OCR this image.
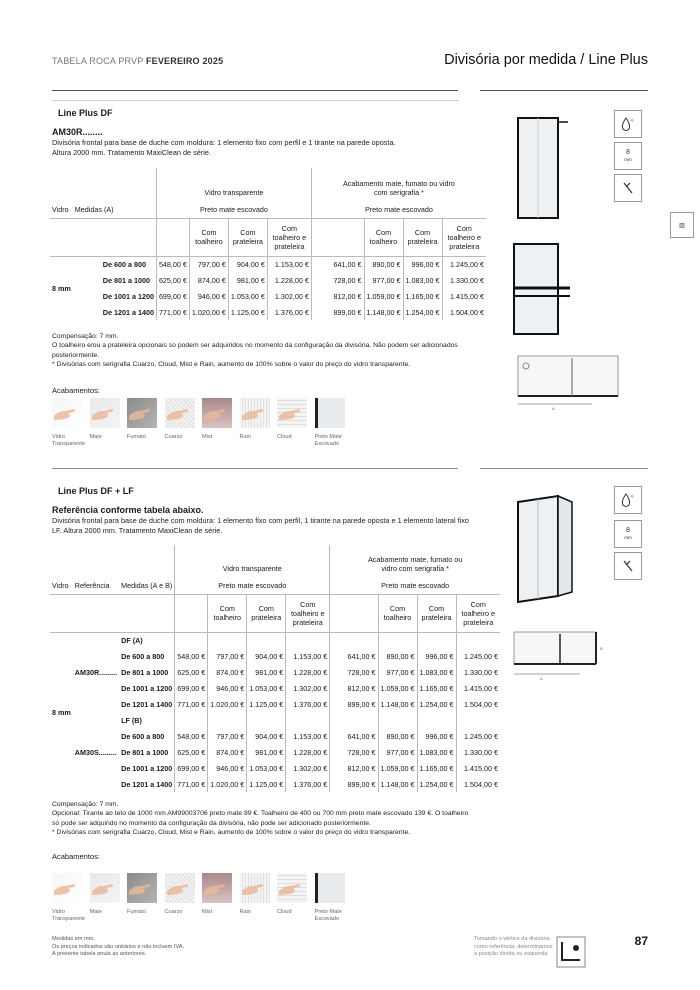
TABELA ROCA PRVP FEVEREIRO 2025	Divisória por medida / Line Plus
Line Plus DF
AM30R........
Divisória frontal para base de duche com moldura: 1 elemento fixo com perfil e 1 tirante na parede oposta. Altura 2000 mm. Tratamento MaxiClean de série.
			Vidro transparente				Acabamento mate, fumato ou vidro com serigrafia *			
Vidro	Medidas (A)		Preto mate escovado				Preto mate escovado			
				Com toalheiro	Com prateleira	Com toalheiro e prateleira		Com toalheiro	Com prateleira	Com toalheiro e prateleira
8 mm	De 600 a 800		548,00 €	797,00 €	904,00 €	1.153,00 €	641,00 €	890,00 €	996,00 €	1.245,00 €
	De 801 a 1000		625,00 €	874,00 €	981,00 €	1.228,00 €	728,00 €	977,00 €	1.083,00 €	1.330,00 €
	De 1001 a 1200		699,00 €	946,00 €	1.053,00 €	1.302,00 €	812,00 €	1.059,00 €	1.165,00 €	1.415,00 €
	De 1201 a 1400		771,00 €	1.020,00 €	1.125,00 €	1.376,00 €	899,00 €	1.148,00 €	1.254,00 €	1.504,00 €
Compensação: 7 mm.
O toalheiro e/ou a prateleira opcionais so podem ser adquiridos no momento da configuração da divisória. Não podem ser adicionados posteriormente.
* Divisórias com serigrafia Cuarzo, Cloud, Mist e Rain, aumento de 100% sobre o valor do preço do vidro transparente.
Acabamentos:
Vidro
Transparente
Mate	Fumato	Cuarzo	Mist	Rain	Cloud	Preto Mate
Escovado
Line Plus DF + LF
Referência conforme tabela abaixo.
Divisória frontal para base de duche com moldura: 1 elemento fixo com perfil, 1 tirante na parede oposta e 1 elemento lateral fixo LF. Altura 2000 mm. Tratamento MaxiClean de série.
			Vidro transparente				Acabamento mate, fumato ou vidro com serigrafia *			
Vidro	Referência	Medidas (A e B)	Preto mate escovado				Preto mate escovado			
				Com toalheiro	Com prateleira	Com toalheiro e prateleira		Com toalheiro	Com prateleira	Com toalheiro e prateleira
8 mm	AM30R.........	DF (A)								
		De 600 a 800	548,00 €	797,00 €	904,00 €	1.153,00 €	641,00 €	890,00 €	996,00 €	1.245,00 €
		De 801 a 1000	625,00 €	874,00 €	981,00 €	1.228,00 €	728,00 €	977,00 €	1.083,00 €	1.330,00 €
		De 1001 a 1200	699,00 €	946,00 €	1.053,00 €	1.302,00 €	812,00 €	1.059,00 €	1.165,00 €	1.415,00 €
		De 1201 a 1400	771,00 €	1.020,00 €	1.125,00 €	1.376,00 €	899,00 €	1.148,00 €	1.254,00 €	1.504,00 €
	AM30S.........	LF (B)								
		De 600 a 800	548,00 €	797,00 €	904,00 €	1.153,00 €	641,00 €	890,00 €	996,00 €	1.245,00 €
		De 801 a 1000	625,00 €	874,00 €	981,00 €	1.228,00 €	728,00 €	977,00 €	1.083,00 €	1.330,00 €
		De 1001 a 1200	699,00 €	946,00 €	1.053,00 €	1.302,00 €	812,00 €	1.059,00 €	1.165,00 €	1.415,00 €
		De 1201 a 1400	771,00 €	1.020,00 €	1.125,00 €	1.376,00 €	899,00 €	1.148,00 €	1.254,00 €	1.504,00 €
Compensação: 7 mm.
Opcional: Tirante ao teto de 1000 mm AM99003706 preto mate 89 €. Toalheiro de 400 ou 700 mm preto mate escovado 139 €. O toalheiro só pode ser adquirido no momento da configuração da divisória, não pode ser adicionado posteriormente.
* Divisórias com serigrafia Cuarzo, Cloud, Mist e Rain, aumento de 100% sobre o valor do preço do vidro transparente.
Acabamentos:
Vidro
Transparente
Mate	Fumato	Cuarzo	Mist	Rain	Cloud	Preto Mate
Escovado
A
A
B
✧
8
mm
▥
✧
8
mm
Medidas em mm.
Os preços indicados são unitários e não incluem IVA.
A presente tabela anula as anteriores.
Tomando o vértice da divisória como referência, determinamos a posição direita ou esquerda
87
